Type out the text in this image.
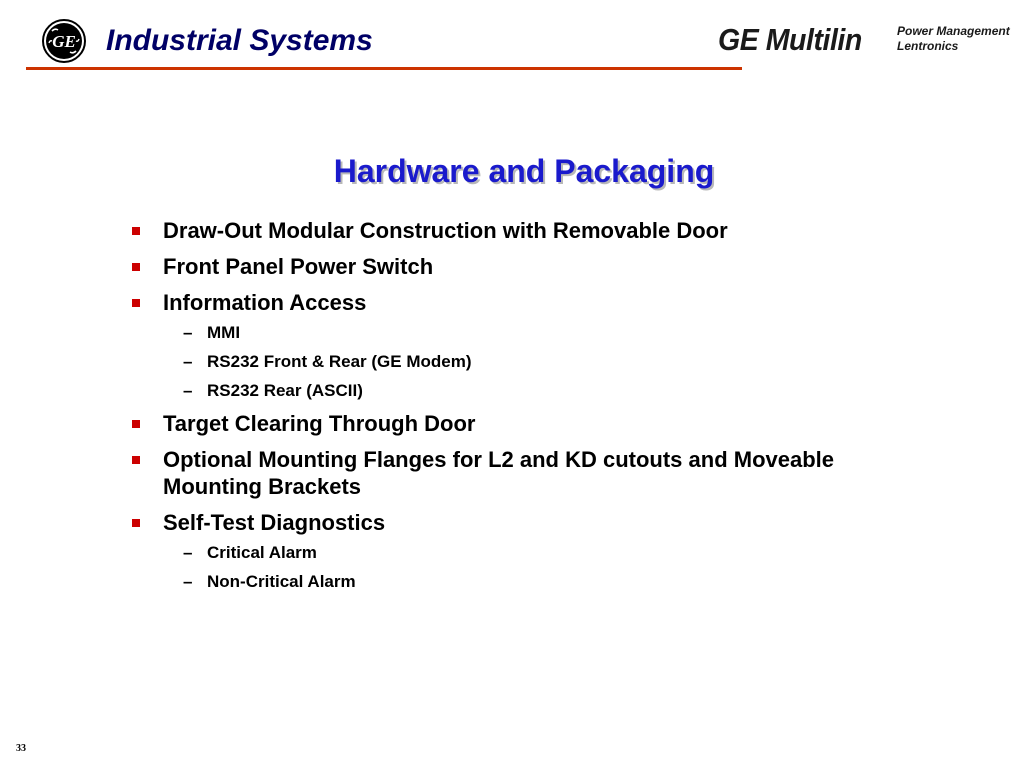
GE Industrial Systems	GE Multilin	Power Management
Lentronics
Hardware and Packaging
Draw-Out Modular Construction with Removable Door
Front Panel Power Switch
Information Access
– MMI
– RS232 Front & Rear (GE Modem)
– RS232 Rear (ASCII)
Target Clearing Through Door
Optional Mounting Flanges for L2 and KD cutouts and Moveable Mounting Brackets
Self-Test Diagnostics
– Critical Alarm
– Non-Critical Alarm
33
